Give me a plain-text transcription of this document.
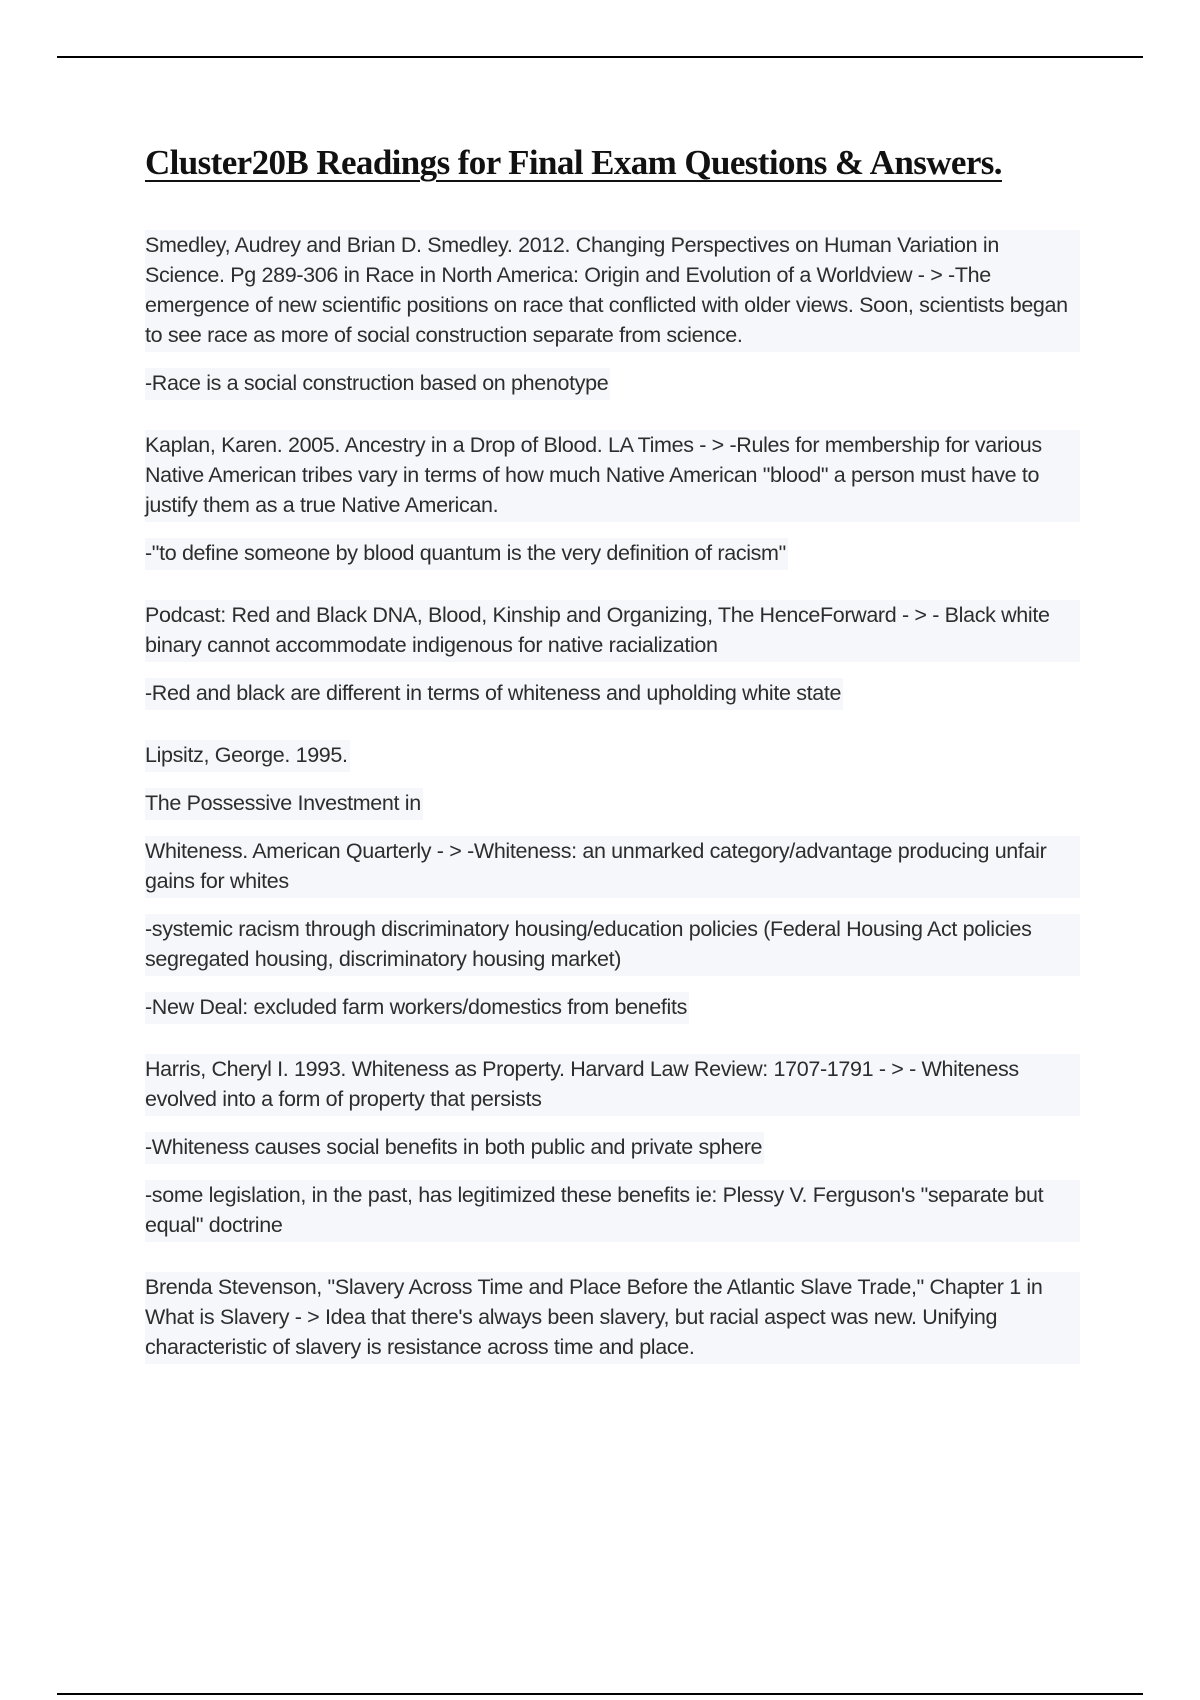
Cluster20B Readings for Final Exam Questions & Answers.

Smedley, Audrey and Brian D. Smedley. 2012. Changing Perspectives on Human Variation in Science. Pg 289-306 in Race in North America: Origin and Evolution of a Worldview - > -The emergence of new scientific positions on race that conflicted with older views. Soon, scientists began to see race as more of social construction separate from science.

-Race is a social construction based on phenotype

Kaplan, Karen. 2005. Ancestry in a Drop of Blood. LA Times - > -Rules for membership for various Native American tribes vary in terms of how much Native American "blood" a person must have to justify them as a true Native American.

-"to define someone by blood quantum is the very definition of racism"

Podcast: Red and Black DNA, Blood, Kinship and Organizing, The HenceForward - > - Black white binary cannot accommodate indigenous for native racialization

-Red and black are different in terms of whiteness and upholding white state

Lipsitz, George. 1995.

The Possessive Investment in

Whiteness. American Quarterly - > -Whiteness: an unmarked category/advantage producing unfair gains for whites

-systemic racism through discriminatory housing/education policies (Federal Housing Act policies segregated housing, discriminatory housing market)

-New Deal: excluded farm workers/domestics from benefits

Harris, Cheryl I. 1993. Whiteness as Property. Harvard Law Review: 1707-1791 - > - Whiteness evolved into a form of property that persists

-Whiteness causes social benefits in both public and private sphere

-some legislation, in the past, has legitimized these benefits ie: Plessy V. Ferguson's "separate but equal" doctrine

Brenda Stevenson, "Slavery Across Time and Place Before the Atlantic Slave Trade," Chapter 1 in What is Slavery - > Idea that there's always been slavery, but racial aspect was new. Unifying characteristic of slavery is resistance across time and place.
